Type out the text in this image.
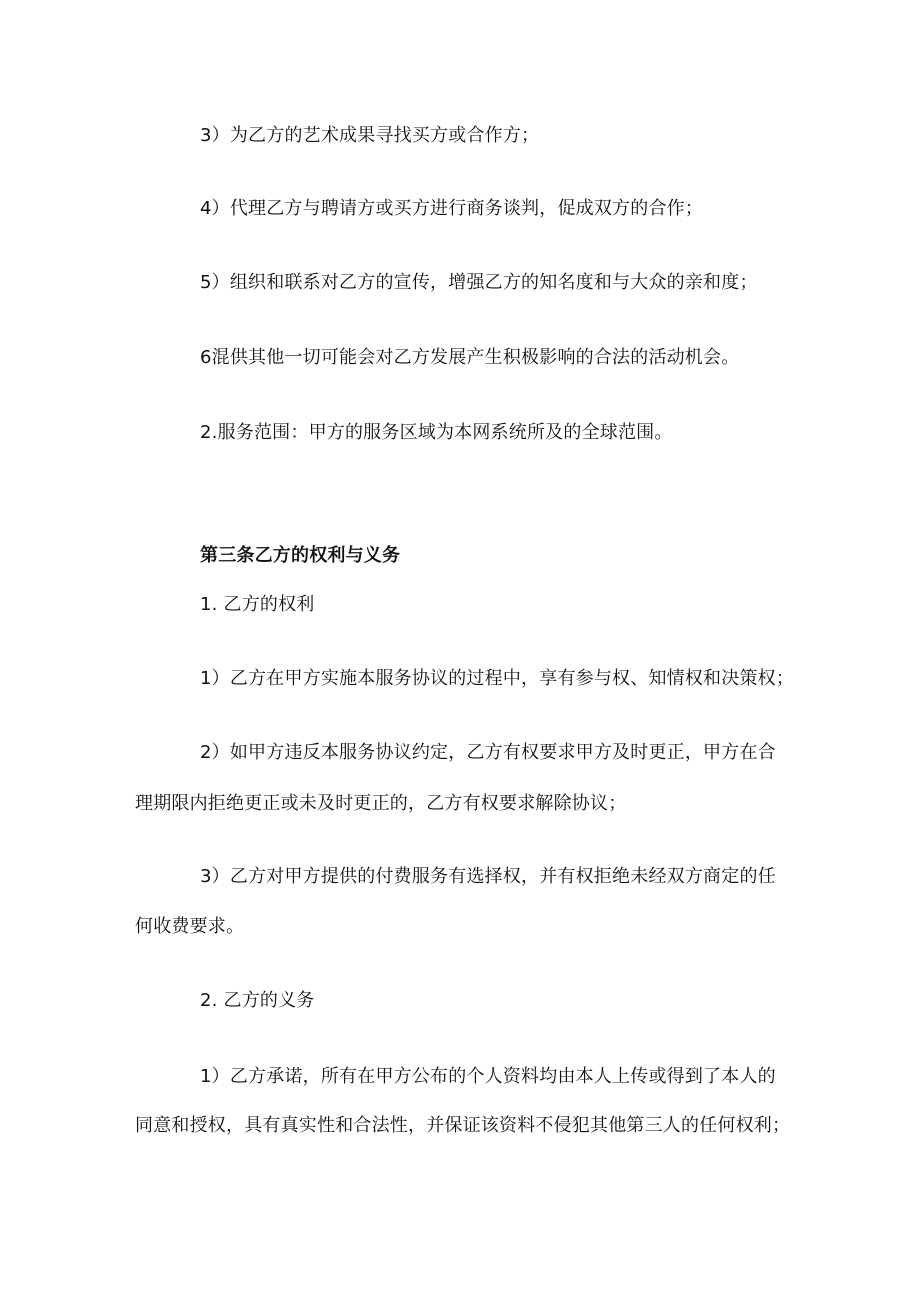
3）为乙方的艺术成果寻找买方或合作方；
4）代理乙方与聘请方或买方进行商务谈判，促成双方的合作；
5）组织和联系对乙方的宣传，增强乙方的知名度和与大众的亲和度；
6混供其他一切可能会对乙方发展产生积极影响的合法的活动机会。
2.服务范围：甲方的服务区域为本网系统所及的全球范围。
第三条乙方的权利与义务
1. 乙方的权利
1）乙方在甲方实施本服务协议的过程中，享有参与权、知情权和决策权；
2）如甲方违反本服务协议约定，乙方有权要求甲方及时更正，甲方在合
理期限内拒绝更正或未及时更正的，乙方有权要求解除协议；
3）乙方对甲方提供的付费服务有选择权，并有权拒绝未经双方商定的任
何收费要求。
2. 乙方的义务
1）乙方承诺，所有在甲方公布的个人资料均由本人上传或得到了本人的
同意和授权，具有真实性和合法性，并保证该资料不侵犯其他第三人的任何权利；
